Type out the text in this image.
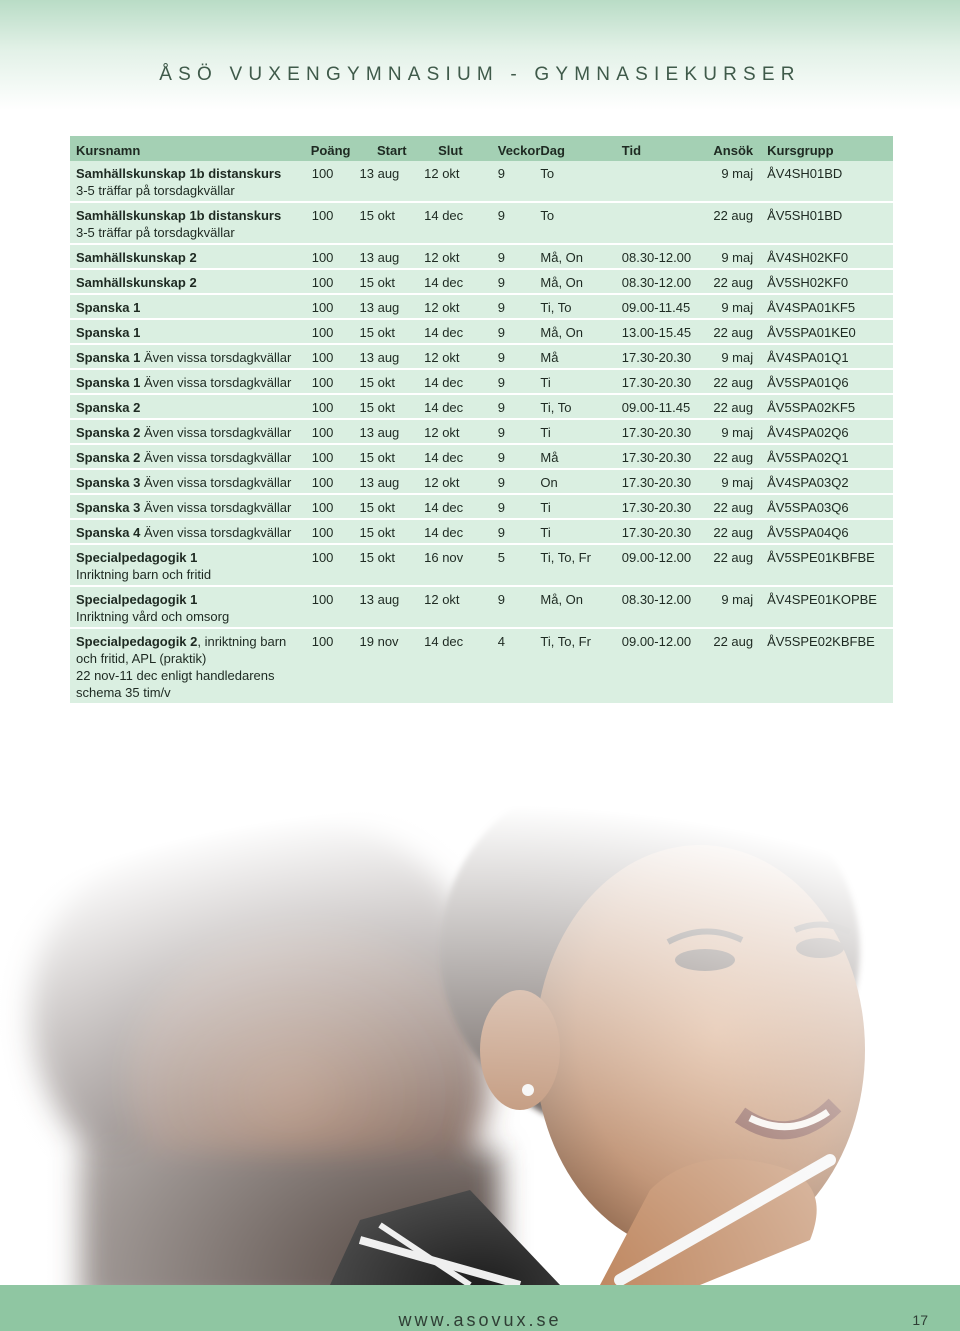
ÅSÖ VUXENGYMNASIUM - GYMNASIEKURSER
Kursnamn	Poäng	Start	Slut	Veckor	Dag	Tid	Ansök	Kursgrupp
Samhällskunskap 1b distanskurs
3-5 träffar på torsdagkvällar	100	13 aug	12 okt	9	To		9 maj	ÅV4SH01BD
Samhällskunskap 1b distanskurs
3-5 träffar på torsdagkvällar	100	15 okt	14 dec	9	To		22 aug	ÅV5SH01BD
Samhällskunskap 2	100	13 aug	12 okt	9	Må, On	08.30-12.00	9 maj	ÅV4SH02KF0
Samhällskunskap 2	100	15 okt	14 dec	9	Må, On	08.30-12.00	22 aug	ÅV5SH02KF0
Spanska 1	100	13 aug	12 okt	9	Ti, To	09.00-11.45	9 maj	ÅV4SPA01KF5
Spanska 1	100	15 okt	14 dec	9	Må, On	13.00-15.45	22 aug	ÅV5SPA01KE0
Spanska 1 Även vissa torsdagkvällar	100	13 aug	12 okt	9	Må	17.30-20.30	9 maj	ÅV4SPA01Q1
Spanska 1 Även vissa torsdagkvällar	100	15 okt	14 dec	9	Ti	17.30-20.30	22 aug	ÅV5SPA01Q6
Spanska 2	100	15 okt	14 dec	9	Ti, To	09.00-11.45	22 aug	ÅV5SPA02KF5
Spanska 2 Även vissa torsdagkvällar	100	13 aug	12 okt	9	Ti	17.30-20.30	9 maj	ÅV4SPA02Q6
Spanska 2 Även vissa torsdagkvällar	100	15 okt	14 dec	9	Må	17.30-20.30	22 aug	ÅV5SPA02Q1
Spanska 3 Även vissa torsdagkvällar	100	13 aug	12 okt	9	On	17.30-20.30	9 maj	ÅV4SPA03Q2
Spanska 3 Även vissa torsdagkvällar	100	15 okt	14 dec	9	Ti	17.30-20.30	22 aug	ÅV5SPA03Q6
Spanska 4 Även vissa torsdagkvällar	100	15 okt	14 dec	9	Ti	17.30-20.30	22 aug	ÅV5SPA04Q6
Specialpedagogik 1
Inriktning barn och fritid	100	15 okt	16 nov	5	Ti, To, Fr	09.00-12.00	22 aug	ÅV5SPE01KBFBE
Specialpedagogik 1
Inriktning vård och omsorg	100	13 aug	12 okt	9	Må, On	08.30-12.00	9 maj	ÅV4SPE01KOPBE
Specialpedagogik 2, inriktning barn
och fritid, APL (praktik)
22 nov-11 dec enligt handledarens
schema 35 tim/v	100	19 nov	14 dec	4	Ti, To, Fr	09.00-12.00	22 aug	ÅV5SPE02KBFBE
www.asovux.se	17
